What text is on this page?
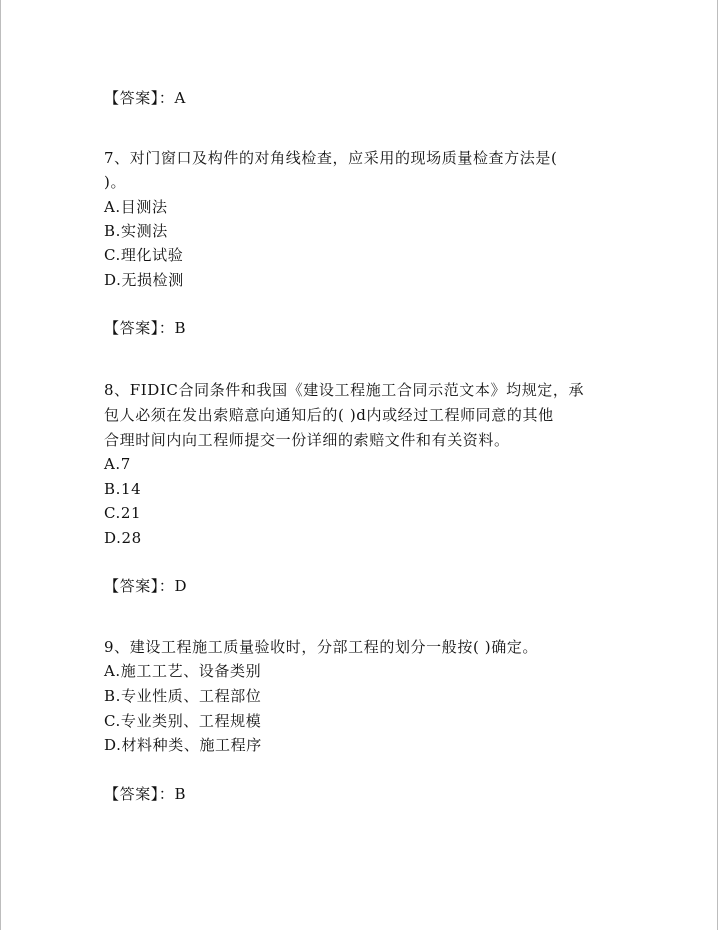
【答案】：A
7、对门窗口及构件的对角线检查，应采用的现场质量检查方法是(
)。
A.目测法
B.实测法
C.理化试验
D.无损检测
【答案】：B
8、FIDIC合同条件和我国《建设工程施工合同示范文本》均规定，承
包人必须在发出索赔意向通知后的( )d内或经过工程师同意的其他
合理时间内向工程师提交一份详细的索赔文件和有关资料。
A.7
B.14
C.21
D.28
【答案】：D
9、建设工程施工质量验收时，分部工程的划分一般按( )确定。
A.施工工艺、设备类别
B.专业性质、工程部位
C.专业类别、工程规模
D.材料种类、施工程序
【答案】：B
